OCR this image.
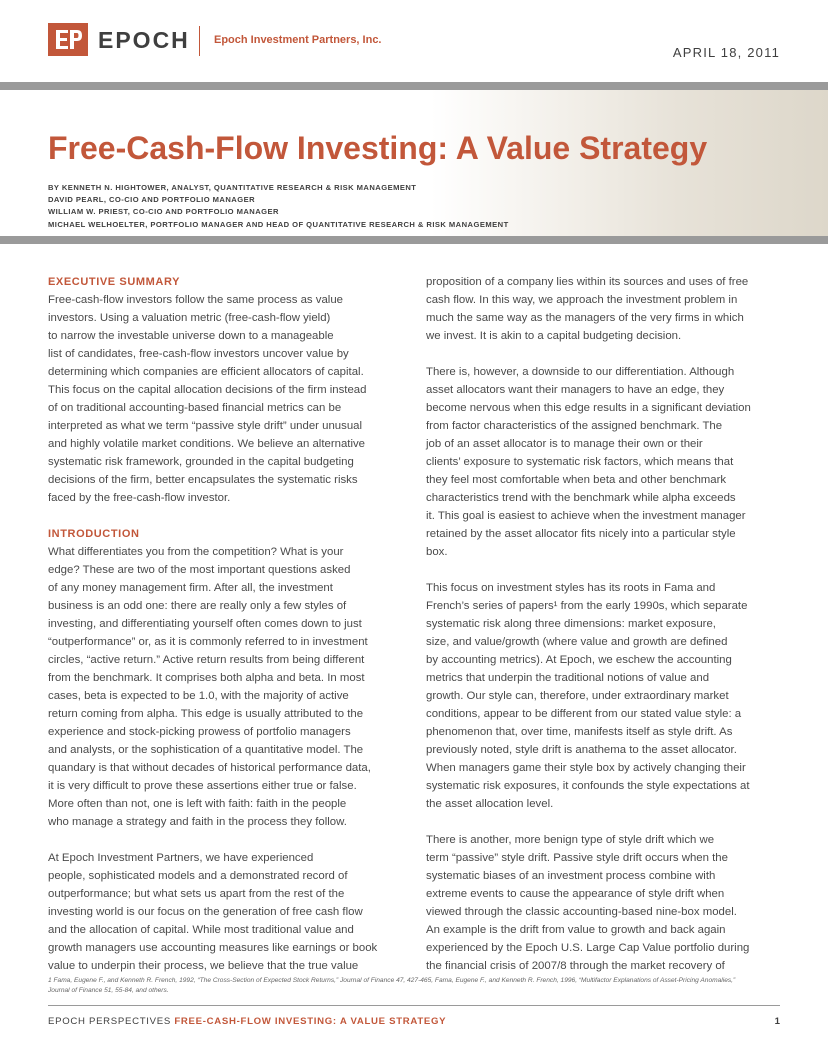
EPOCH Epoch Investment Partners, Inc.
APRIL 18, 2011
Free-Cash-Flow Investing: A Value Strategy
BY KENNETH N. HIGHTOWER, ANALYST, QUANTITATIVE RESEARCH & RISK MANAGEMENT
DAVID PEARL, CO-CIO AND PORTFOLIO MANAGER
WILLIAM W. PRIEST, CO-CIO AND PORTFOLIO MANAGER
MICHAEL WELHOELTER, PORTFOLIO MANAGER AND HEAD OF QUANTITATIVE RESEARCH & RISK MANAGEMENT
EXECUTIVE SUMMARY
Free-cash-flow investors follow the same process as value
investors. Using a valuation metric (free-cash-flow yield)
to narrow the investable universe down to a manageable
list of candidates, free-cash-flow investors uncover value by
determining which companies are efficient allocators of capital.
This focus on the capital allocation decisions of the firm instead
of on traditional accounting-based financial metrics can be
interpreted as what we term “passive style drift” under unusual
and highly volatile market conditions. We believe an alternative
systematic risk framework, grounded in the capital budgeting
decisions of the firm, better encapsulates the systematic risks
faced by the free-cash-flow investor.
INTRODUCTION
What differentiates you from the competition? What is your
edge? These are two of the most important questions asked
of any money management firm. After all, the investment
business is an odd one: there are really only a few styles of
investing, and differentiating yourself often comes down to just
“outperformance” or, as it is commonly referred to in investment
circles, “active return.” Active return results from being different
from the benchmark. It comprises both alpha and beta. In most
cases, beta is expected to be 1.0, with the majority of active
return coming from alpha. This edge is usually attributed to the
experience and stock-picking prowess of portfolio managers
and analysts, or the sophistication of a quantitative model. The
quandary is that without decades of historical performance data,
it is very difficult to prove these assertions either true or false.
More often than not, one is left with faith: faith in the people
who manage a strategy and faith in the process they follow.
At Epoch Investment Partners, we have experienced
people, sophisticated models and a demonstrated record of
outperformance; but what sets us apart from the rest of the
investing world is our focus on the generation of free cash flow
and the allocation of capital. While most traditional value and
growth managers use accounting measures like earnings or book
value to underpin their process, we believe that the true value
proposition of a company lies within its sources and uses of free
cash flow. In this way, we approach the investment problem in
much the same way as the managers of the very firms in which
we invest. It is akin to a capital budgeting decision.
There is, however, a downside to our differentiation. Although
asset allocators want their managers to have an edge, they
become nervous when this edge results in a significant deviation
from factor characteristics of the assigned benchmark. The
job of an asset allocator is to manage their own or their
clients’ exposure to systematic risk factors, which means that
they feel most comfortable when beta and other benchmark
characteristics trend with the benchmark while alpha exceeds
it. This goal is easiest to achieve when the investment manager
retained by the asset allocator fits nicely into a particular style
box.
This focus on investment styles has its roots in Fama and
French’s series of papers¹ from the early 1990s, which separate
systematic risk along three dimensions: market exposure,
size, and value/growth (where value and growth are defined
by accounting metrics). At Epoch, we eschew the accounting
metrics that underpin the traditional notions of value and
growth. Our style can, therefore, under extraordinary market
conditions, appear to be different from our stated value style: a
phenomenon that, over time, manifests itself as style drift. As
previously noted, style drift is anathema to the asset allocator.
When managers game their style box by actively changing their
systematic risk exposures, it confounds the style expectations at
the asset allocation level.
There is another, more benign type of style drift which we
term “passive” style drift. Passive style drift occurs when the
systematic biases of an investment process combine with
extreme events to cause the appearance of style drift when
viewed through the classic accounting-based nine-box model.
An example is the drift from value to growth and back again
experienced by the Epoch U.S. Large Cap Value portfolio during
the financial crisis of 2007/8 through the market recovery of
1 Fama, Eugene F., and Kenneth R. French, 1992, “The Cross-Section of Expected Stock Returns,” Journal of Finance 47, 427-465, Fama, Eugene F., and Kenneth R. French, 1996, “Multifactor Explanations of Asset-Pricing Anomalies,”
Journal of Finance 51, 55-84, and others.
EPOCH PERSPECTIVES FREE-CASH-FLOW INVESTING: A VALUE STRATEGY	1
